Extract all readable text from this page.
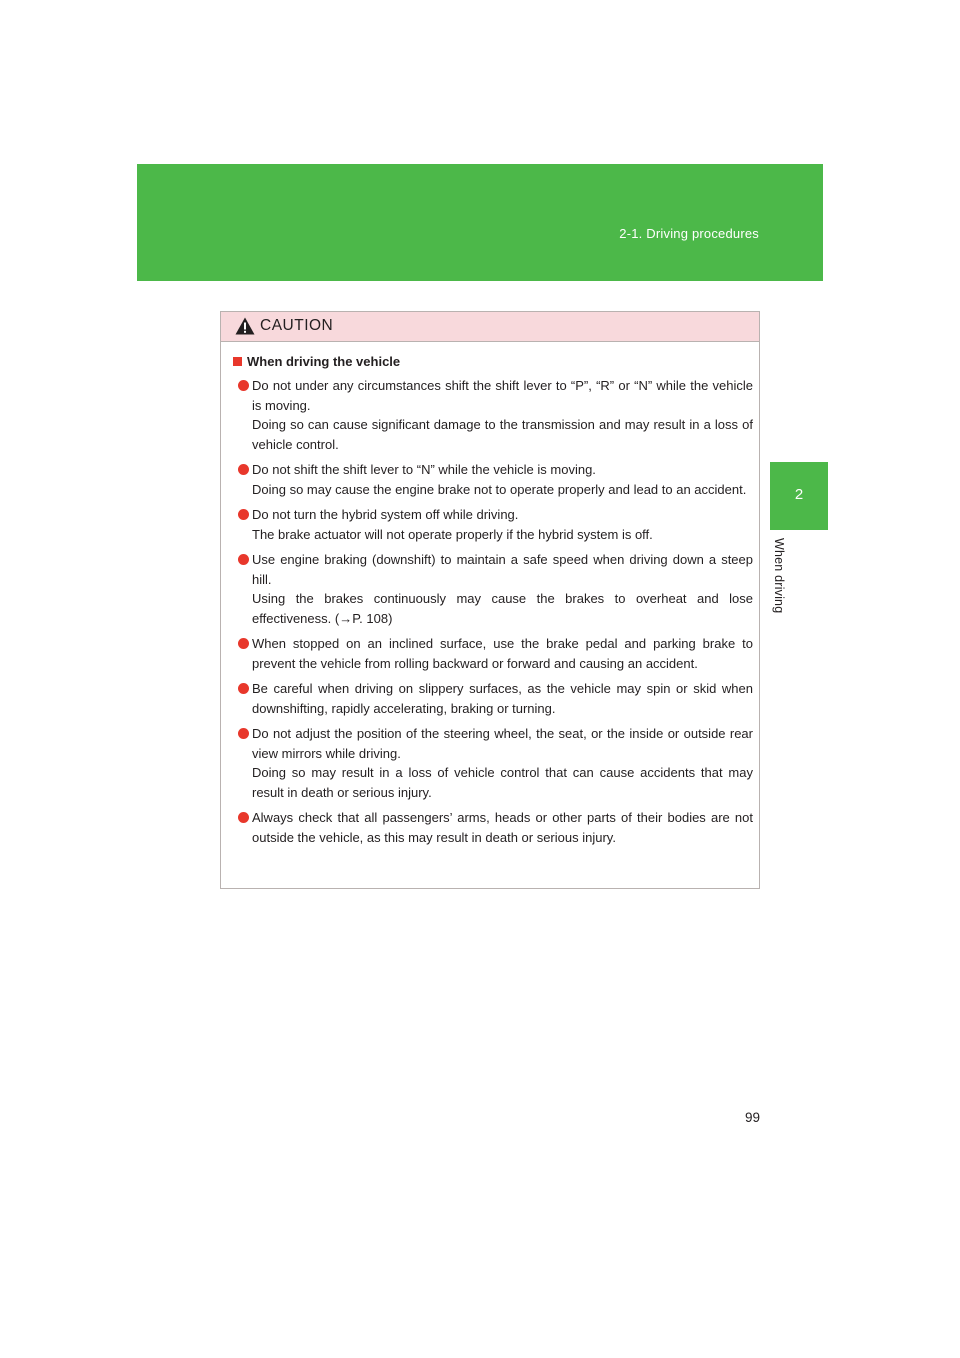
2-1. Driving procedures
2
When driving
CAUTION
When driving the vehicle
Do not under any circumstances shift the shift lever to “P”, “R” or “N” while the vehicle is moving.
Doing so can cause significant damage to the transmission and may result in a loss of vehicle control.
Do not shift the shift lever to “N” while the vehicle is moving.
Doing so may cause the engine brake not to operate properly and lead to an accident.
Do not turn the hybrid system off while driving.
The brake actuator will not operate properly if the hybrid system is off.
Use engine braking (downshift) to maintain a safe speed when driving down a steep hill.
Using the brakes continuously may cause the brakes to overheat and lose effectiveness. (→P. 108)
When stopped on an inclined surface, use the brake pedal and parking brake to prevent the vehicle from rolling backward or forward and causing an accident.
Be careful when driving on slippery surfaces, as the vehicle may spin or skid when downshifting, rapidly accelerating, braking or turning.
Do not adjust the position of the steering wheel, the seat, or the inside or outside rear view mirrors while driving.
Doing so may result in a loss of vehicle control that can cause accidents that may result in death or serious injury.
Always check that all passengers’ arms, heads or other parts of their bodies are not outside the vehicle, as this may result in death or serious injury.
99
